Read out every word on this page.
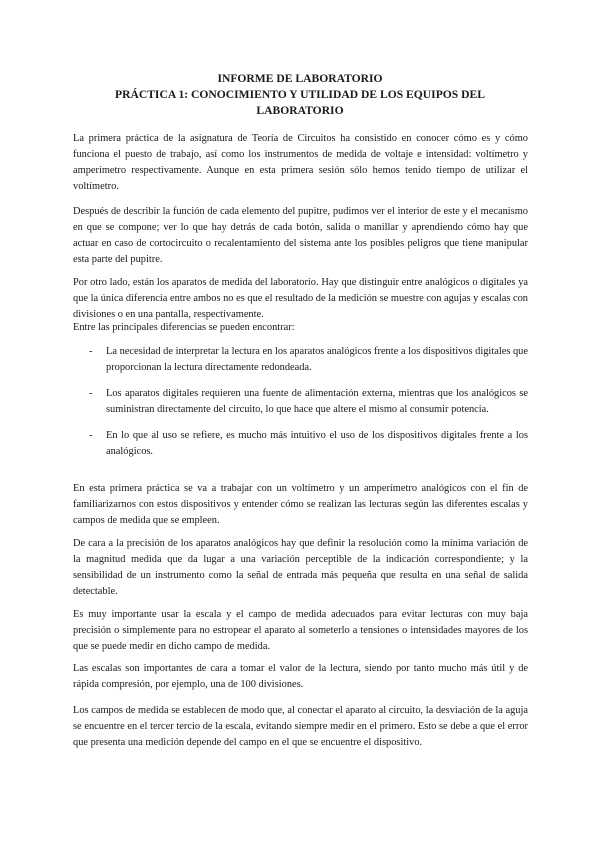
INFORME DE LABORATORIO
PRÁCTICA 1: CONOCIMIENTO Y UTILIDAD DE LOS EQUIPOS DEL
LABORATORIO

La primera práctica de la asignatura de Teoría de Circuitos ha consistido en conocer cómo es y cómo funciona el puesto de trabajo, así como los instrumentos de medida de voltaje e intensidad: voltímetro y amperímetro respectivamente. Aunque en esta primera sesión sólo hemos tenido tiempo de utilizar el voltímetro.

Después de describir la función de cada elemento del pupitre, pudimos ver el interior de este y el mecanismo en que se compone; ver lo que hay detrás de cada botón, salida o manillar y aprendiendo cómo hay que actuar en caso de cortocircuito o recalentamiento del sistema ante los posibles peligros que tiene manipular esta parte del pupitre.

Por otro lado, están los aparatos de medida del laboratorio. Hay que distinguir entre analógicos o digitales ya que la única diferencia entre ambos no es que el resultado de la medición se muestre con agujas y escalas con divisiones o en una pantalla, respectivamente.

Entre las principales diferencias se pueden encontrar:

- La necesidad de interpretar la lectura en los aparatos analógicos frente a los dispositivos digitales que proporcionan la lectura directamente redondeada.
- Los aparatos digitales requieren una fuente de alimentación externa, mientras que los analógicos se suministran directamente del circuito, lo que hace que altere el mismo al consumir potencia.
- En lo que al uso se refiere, es mucho más intuitivo el uso de los dispositivos digitales frente a los analógicos.

En esta primera práctica se va a trabajar con un voltímetro y un amperímetro analógicos con el fin de familiarizarnos con estos dispositivos y entender cómo se realizan las lecturas según las diferentes escalas y campos de medida que se empleen.

De cara a la precisión de los aparatos analógicos hay que definir la resolución como la mínima variación de la magnitud medida que da lugar a una variación perceptible de la indicación correspondiente; y la sensibilidad de un instrumento como la señal de entrada más pequeña que resulta en una señal de salida detectable.

Es muy importante usar la escala y el campo de medida adecuados para evitar lecturas con muy baja precisión o simplemente para no estropear el aparato al someterlo a tensiones o intensidades mayores de los que se puede medir en dicho campo de medida.

Las escalas son importantes de cara a tomar el valor de la lectura, siendo por tanto mucho más útil y de rápida compresión, por ejemplo, una de 100 divisiones.

Los campos de medida se establecen de modo que, al conectar el aparato al circuito, la desviación de la aguja se encuentre en el tercer tercio de la escala, evitando siempre medir en el primero. Esto se debe a que el error que presenta una medición depende del campo en el que se encuentre el dispositivo.
